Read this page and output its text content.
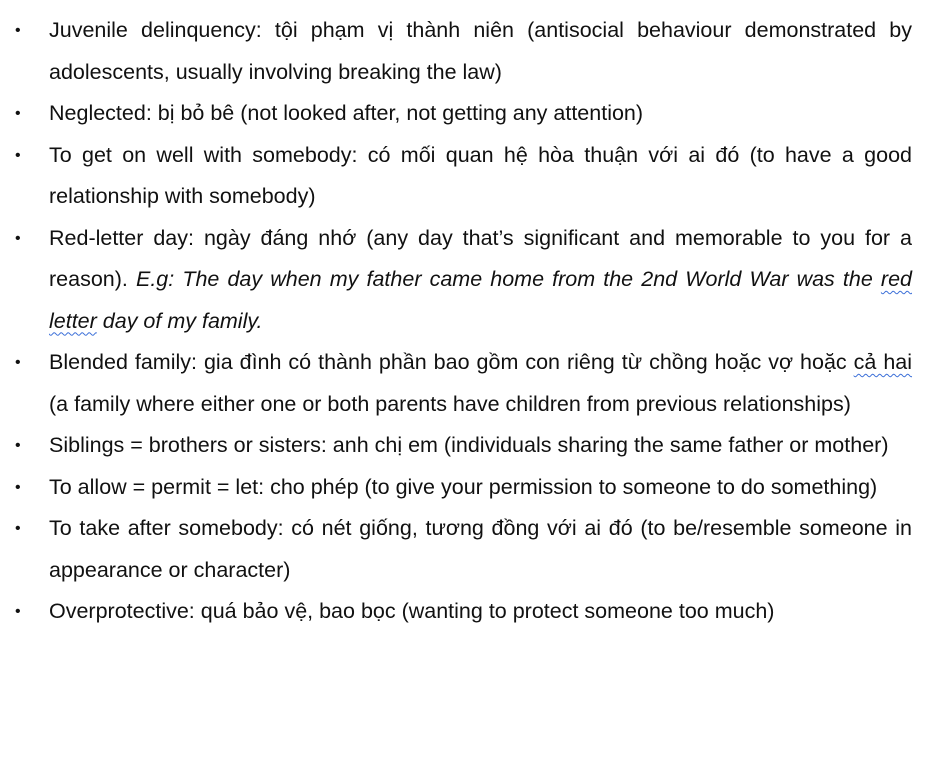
• Juvenile delinquency: tội phạm vị thành niên (antisocial behaviour demonstrated by adolescents, usually involving breaking the law)
• Neglected: bị bỏ bê (not looked after, not getting any attention)
• To get on well with somebody: có mối quan hệ hòa thuận với ai đó (to have a good relationship with somebody)
• Red-letter day: ngày đáng nhớ (any day that’s significant and memorable to you for a reason). E.g: The day when my father came home from the 2nd World War was the red letter day of my family.
• Blended family: gia đình có thành phần bao gồm con riêng từ chồng hoặc vợ hoặc cả hai (a family where either one or both parents have children from previous relationships)
• Siblings = brothers or sisters: anh chị em (individuals sharing the same father or mother)
• To allow = permit = let: cho phép (to give your permission to someone to do something)
• To take after somebody: có nét giống, tương đồng với ai đó (to be/resemble someone in appearance or character)
• Overprotective: quá bảo vệ, bao bọc (wanting to protect someone too much)
